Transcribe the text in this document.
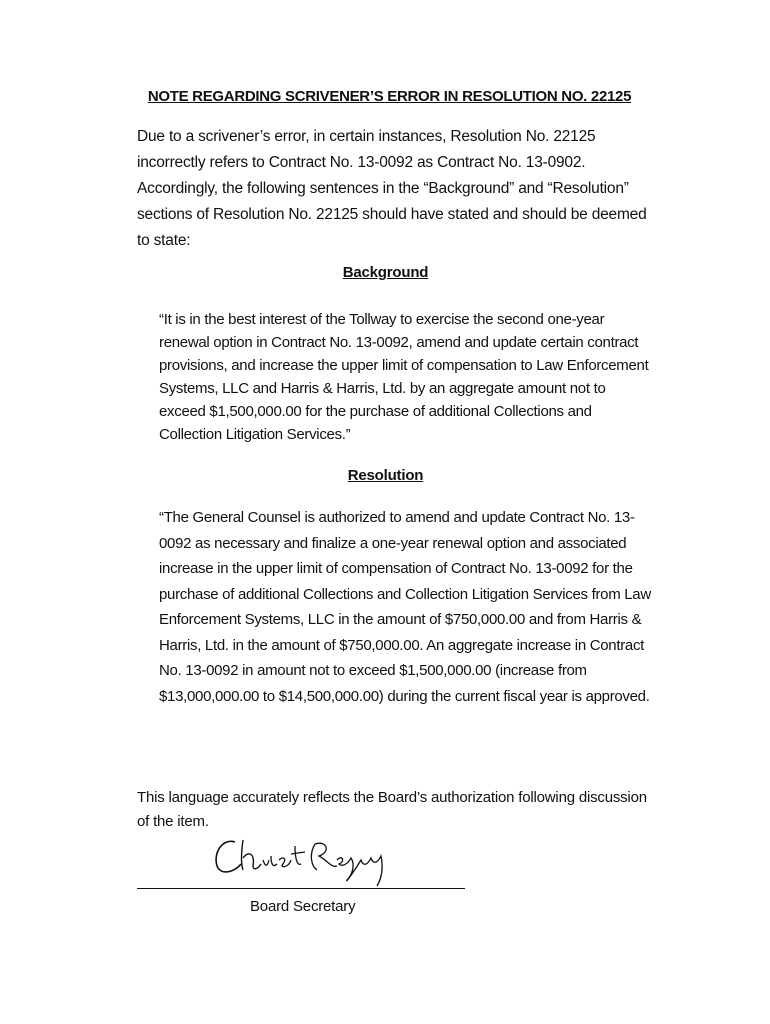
NOTE REGARDING SCRIVENER’S ERROR IN RESOLUTION NO. 22125
Due to a scrivener’s error, in certain instances, Resolution No. 22125 incorrectly refers to Contract No. 13-0092 as Contract No. 13-0902. Accordingly, the following sentences in the “Background” and “Resolution” sections of Resolution No. 22125 should have stated and should be deemed to state:
Background
“It is in the best interest of the Tollway to exercise the second one-year renewal option in Contract No. 13-0092, amend and update certain contract provisions, and increase the upper limit of compensation to Law Enforcement Systems, LLC and Harris & Harris, Ltd. by an aggregate amount not to exceed $1,500,000.00 for the purchase of additional Collections and Collection Litigation Services.”
Resolution
“The General Counsel is authorized to amend and update Contract No. 13-0092 as necessary and finalize a one-year renewal option and associated increase in the upper limit of compensation of Contract No. 13-0092 for the purchase of additional Collections and Collection Litigation Services from Law Enforcement Systems, LLC in the amount of $750,000.00 and from Harris & Harris, Ltd. in the amount of $750,000.00. An aggregate increase in Contract No. 13-0092 in amount not to exceed $1,500,000.00 (increase from $13,000,000.00 to $14,500,000.00) during the current fiscal year is approved.
This language accurately reflects the Board’s authorization following discussion of the item.
Board Secretary
